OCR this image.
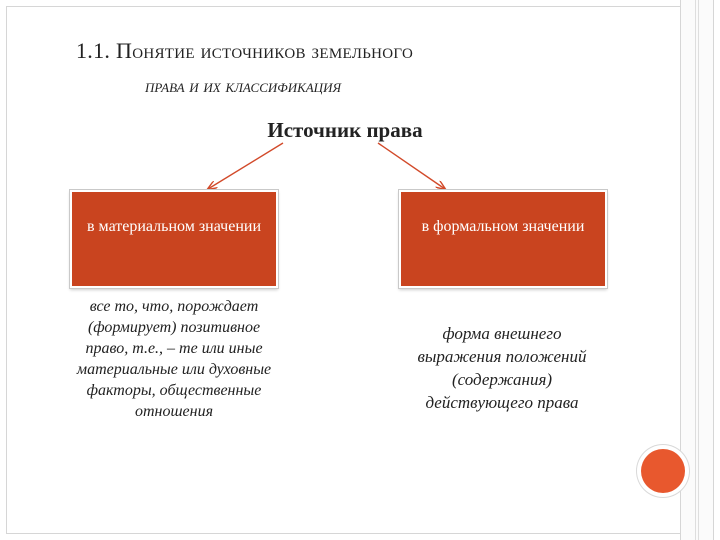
1.1. Понятие источников земельного
права и их классификация
Источник права
в материальном значении	в формальном значении
все то, что, порождает (формирует) позитивное право, т.е., – те или иные материальные или духовные факторы, общественные отношения
форма внешнего выражения положений (содержания) действующего права
